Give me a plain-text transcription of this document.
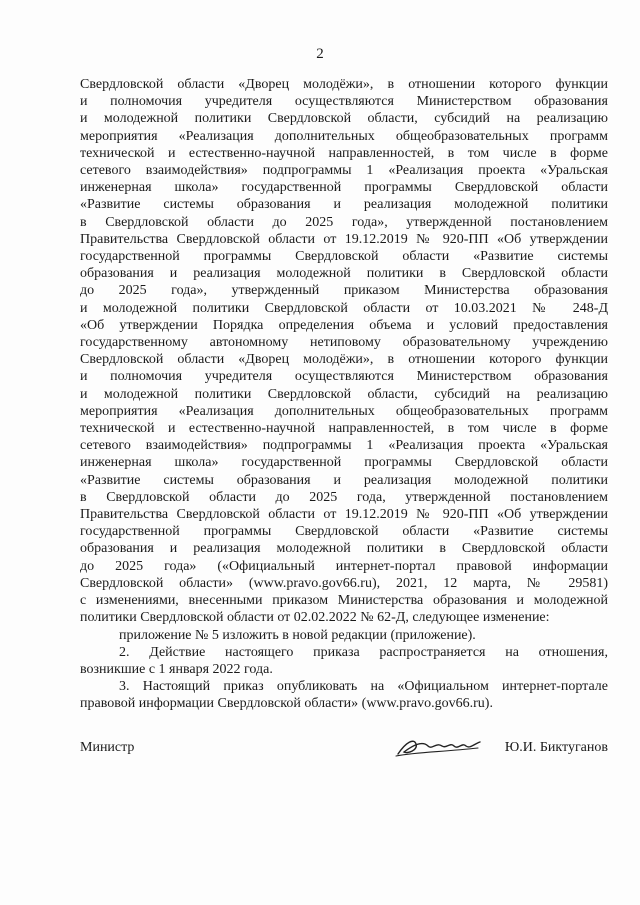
2
Свердловской области «Дворец молодёжи», в отношении которого функции
и полномочия учредителя осуществляются Министерством образования
и молодежной политики Свердловской области, субсидий на реализацию
мероприятия «Реализация дополнительных общеобразовательных программ
технической и естественно-научной направленностей, в том числе в форме
сетевого взаимодействия» подпрограммы 1 «Реализация проекта «Уральская
инженерная школа» государственной программы Свердловской области
«Развитие системы образования и реализация молодежной политики
в Свердловской области до 2025 года», утвержденной постановлением
Правительства Свердловской области от 19.12.2019 № 920-ПП «Об утверждении
государственной программы Свердловской области «Развитие системы
образования и реализация молодежной политики в Свердловской области
до 2025 года», утвержденный приказом Министерства образования
и молодежной политики Свердловской области от 10.03.2021 № 248-Д
«Об утверждении Порядка определения объема и условий предоставления
государственному автономному нетиповому образовательному учреждению
Свердловской области «Дворец молодёжи», в отношении которого функции
и полномочия учредителя осуществляются Министерством образования
и молодежной политики Свердловской области, субсидий на реализацию
мероприятия «Реализация дополнительных общеобразовательных программ
технической и естественно-научной направленностей, в том числе в форме
сетевого взаимодействия» подпрограммы 1 «Реализация проекта «Уральская
инженерная школа» государственной программы Свердловской области
«Развитие системы образования и реализация молодежной политики
в Свердловской области до 2025 года, утвержденной постановлением
Правительства Свердловской области от 19.12.2019 № 920-ПП «Об утверждении
государственной программы Свердловской области «Развитие системы
образования и реализация молодежной политики в Свердловской области
до 2025 года» («Официальный интернет-портал правовой информации
Свердловской области» (www.pravo.gov66.ru), 2021, 12 марта, № 29581)
с изменениями, внесенными приказом Министерства образования и молодежной
политики Свердловской области от 02.02.2022 № 62-Д, следующее изменение:
приложение № 5 изложить в новой редакции (приложение).
2. Действие настоящего приказа распространяется на отношения,
возникшие с 1 января 2022 года.
3. Настоящий приказ опубликовать на «Официальном интернет-портале
правовой информации Свердловской области» (www.pravo.gov66.ru).
Министр	Ю.И. Биктуганов
